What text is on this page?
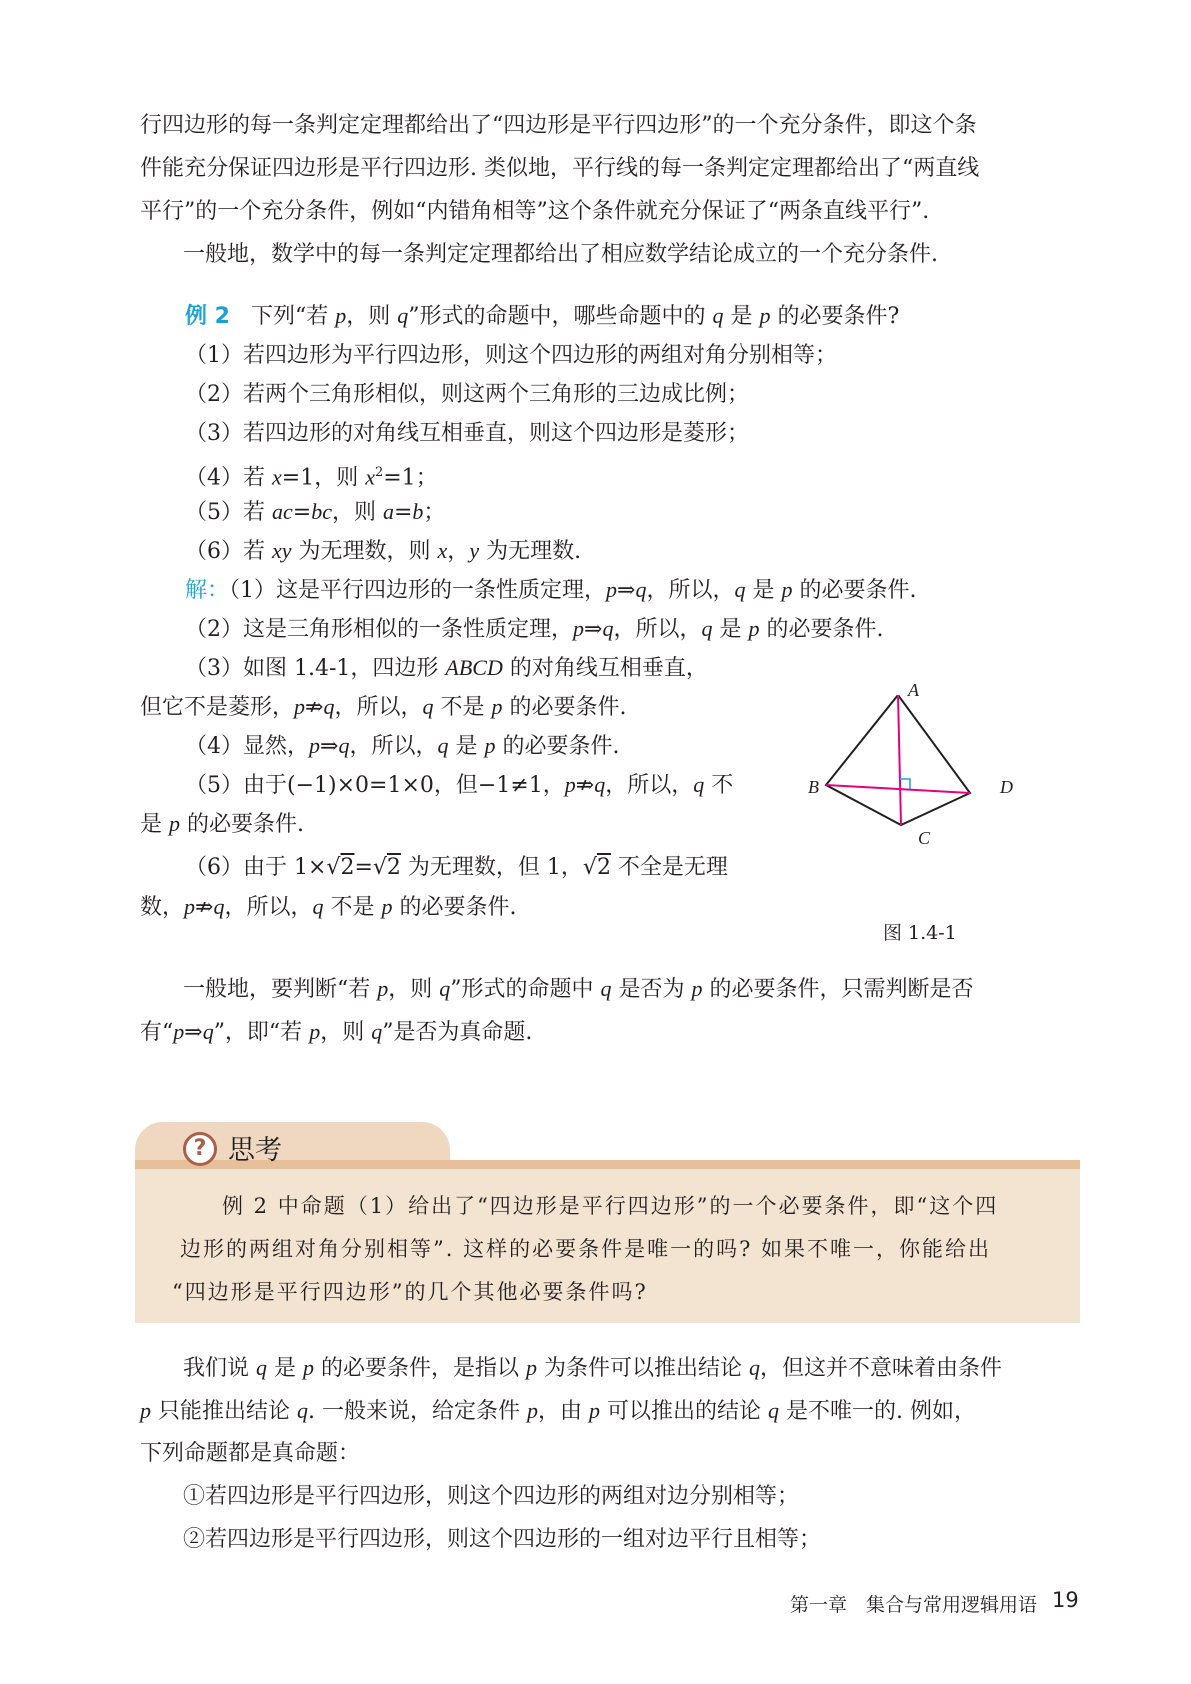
行四边形的每一条判定定理都给出了“四边形是平行四边形”的一个充分条件，即这个条
件能充分保证四边形是平行四边形. 类似地，平行线的每一条判定定理都给出了“两直线
平行”的一个充分条件，例如“内错角相等”这个条件就充分保证了“两条直线平行”.
一般地，数学中的每一条判定定理都给出了相应数学结论成立的一个充分条件.
例 2 下列“若 p，则 q”形式的命题中，哪些命题中的 q 是 p 的必要条件?
（1）若四边形为平行四边形，则这个四边形的两组对角分别相等；
（2）若两个三角形相似，则这两个三角形的三边成比例；
（3）若四边形的对角线互相垂直，则这个四边形是菱形；
（4）若 x=1，则 $x^2=1$；
（5）若 ac=bc，则 a=b；
（6）若 xy 为无理数，则 x，y 为无理数.
解：（1）这是平行四边形的一条性质定理，p⇒q，所以，q 是 p 的必要条件.
（2）这是三角形相似的一条性质定理，p⇒q，所以，q 是 p 的必要条件.
（3）如图 1.4-1，四边形 ABCD 的对角线互相垂直，
但它不是菱形，p⇏q，所以，q 不是 p 的必要条件.
（4）显然，p⇒q，所以，q 是 p 的必要条件.
（5）由于(−1)×0=1×0，但−1≠1，p⇏q，所以，q 不
是 p 的必要条件.
（6）由于 1×√2=√2 为无理数，但 1，√2 不全是无理
数，p⇏q，所以，q 不是 p 的必要条件.
A
B
C
D
图 1.4-1
一般地，要判断“若 p，则 q”形式的命题中 q 是否为 p 的必要条件，只需判断是否
有“p⇒q”，即“若 p，则 q”是否为真命题.
? 思考
例 2 中命题（1）给出了“四边形是平行四边形”的一个必要条件，即“这个四
边形的两组对角分别相等”. 这样的必要条件是唯一的吗? 如果不唯一，你能给出
“四边形是平行四边形”的几个其他必要条件吗?
我们说 q 是 p 的必要条件，是指以 p 为条件可以推出结论 q，但这并不意味着由条件
p 只能推出结论 q. 一般来说，给定条件 p，由 p 可以推出的结论 q 是不唯一的. 例如，
下列命题都是真命题：
①若四边形是平行四边形，则这个四边形的两组对边分别相等；
②若四边形是平行四边形，则这个四边形的一组对边平行且相等；
第一章　集合与常用逻辑用语 19
